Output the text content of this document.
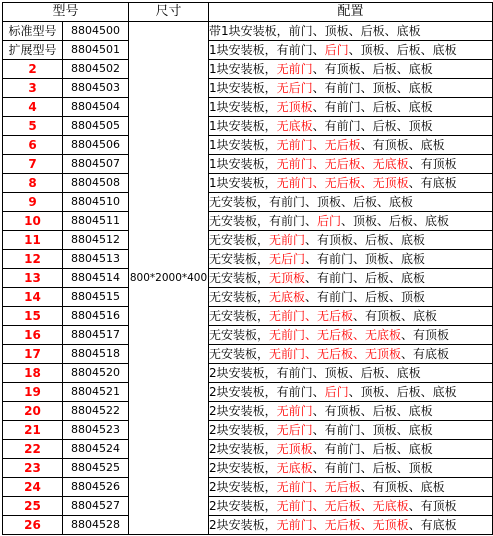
型号		尺寸	配置
标准型号	8804500	800*2000*400	带1块安装板，前门、顶板、后板、底板
扩展型号	8804501		1块安装板，有前门、后门、顶板、后板、底板
2	8804502		1块安装板，无前门、有顶板、后板、底板
3	8804503		1块安装板，无后门、有前门、顶板、底板
4	8804504		1块安装板，无顶板、有前门、后板、底板
5	8804505		1块安装板，无底板、有前门、后板、顶板
6	8804506		1块安装板，无前门、无后板、有顶板、底板
7	8804507		1块安装板，无前门、无后板、无底板、有顶板
8	8804508		1块安装板，无前门、无后板、无顶板、有底板
9	8804510		无安装板，有前门、顶板、后板、底板
10	8804511		无安装板，有前门、后门、顶板、后板、底板
11	8804512		无安装板，无前门、有顶板、后板、底板
12	8804513		无安装板，无后门、有前门、顶板、底板
13	8804514		无安装板，无顶板、有前门、后板、底板
14	8804515		无安装板，无底板、有前门、后板、顶板
15	8804516		无安装板，无前门、无后板、有顶板、底板
16	8804517		无安装板，无前门、无后板、无底板、有顶板
17	8804518		无安装板，无前门、无后板、无顶板、有底板
18	8804520		2块安装板，有前门、顶板、后板、底板
19	8804521		2块安装板，有前门、后门、顶板、后板、底板
20	8804522		2块安装板，无前门、有顶板、后板、底板
21	8804523		2块安装板，无后门、有前门、顶板、底板
22	8804524		2块安装板，无顶板、有前门、后板、底板
23	8804525		2块安装板，无底板、有前门、后板、顶板
24	8804526		2块安装板，无前门、无后板、有顶板、底板
25	8804527		2块安装板，无前门、无后板、无底板、有顶板
26	8804528		2块安装板，无前门、无后板、无顶板、有底板
